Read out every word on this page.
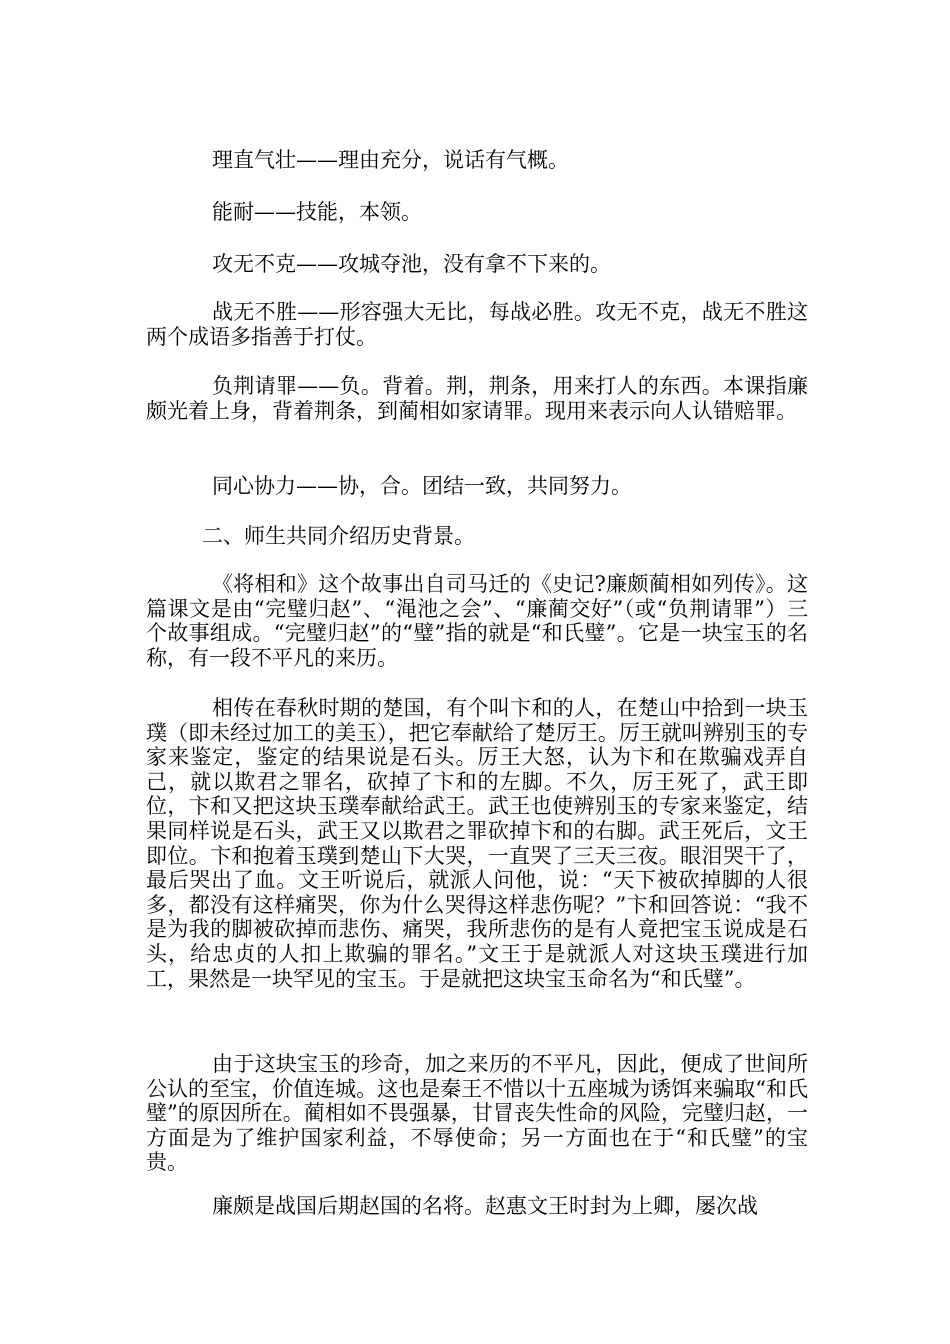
理直气壮——理由充分，说话有气概。

能耐——技能，本领。

攻无不克——攻城夺池，没有拿不下来的。

战无不胜——形容强大无比，每战必胜。攻无不克，战无不胜这两个成语多指善于打仗。

负荆请罪——负。背着。荆，荆条，用来打人的东西。本课指廉颇光着上身，背着荆条，到蔺相如家请罪。现用来表示向人认错赔罪。

同心协力——协，合。团结一致，共同努力。

二、师生共同介绍历史背景。

《将相和》这个故事出自司马迁的《史记?廉颇蔺相如列传》。这篇课文是由“完璧归赵”、“渑池之会”、“廉蔺交好”（或“负荆请罪”）三个故事组成。“完璧归赵”的“璧”指的就是“和氏璧”。它是一块宝玉的名称，有一段不平凡的来历。

相传在春秋时期的楚国，有个叫卞和的人，在楚山中拾到一块玉璞（即未经过加工的美玉），把它奉献给了楚厉王。厉王就叫辨别玉的专家来鉴定，鉴定的结果说是石头。厉王大怒，认为卞和在欺骗戏弄自己，就以欺君之罪名，砍掉了卞和的左脚。不久，厉王死了，武王即位，卞和又把这块玉璞奉献给武王。武王也使辨别玉的专家来鉴定，结果同样说是石头，武王又以欺君之罪砍掉卞和的右脚。武王死后，文王即位。卞和抱着玉璞到楚山下大哭，一直哭了三天三夜。眼泪哭干了，最后哭出了血。文王听说后，就派人问他，说：“天下被砍掉脚的人很多，都没有这样痛哭，你为什么哭得这样悲伤呢？”卞和回答说：“我不是为我的脚被砍掉而悲伤、痛哭，我所悲伤的是有人竟把宝玉说成是石头，给忠贞的人扣上欺骗的罪名。”文王于是就派人对这块玉璞进行加工，果然是一块罕见的宝玉。于是就把这块宝玉命名为“和氏璧”。

由于这块宝玉的珍奇，加之来历的不平凡，因此，便成了世间所公认的至宝，价值连城。这也是秦王不惜以十五座城为诱饵来骗取“和氏璧”的原因所在。蔺相如不畏强暴，甘冒丧失性命的风险，完璧归赵，一方面是为了维护国家利益，不辱使命；另一方面也在于“和氏璧”的宝贵。

廉颇是战国后期赵国的名将。赵惠文王时封为上卿，屡次战
